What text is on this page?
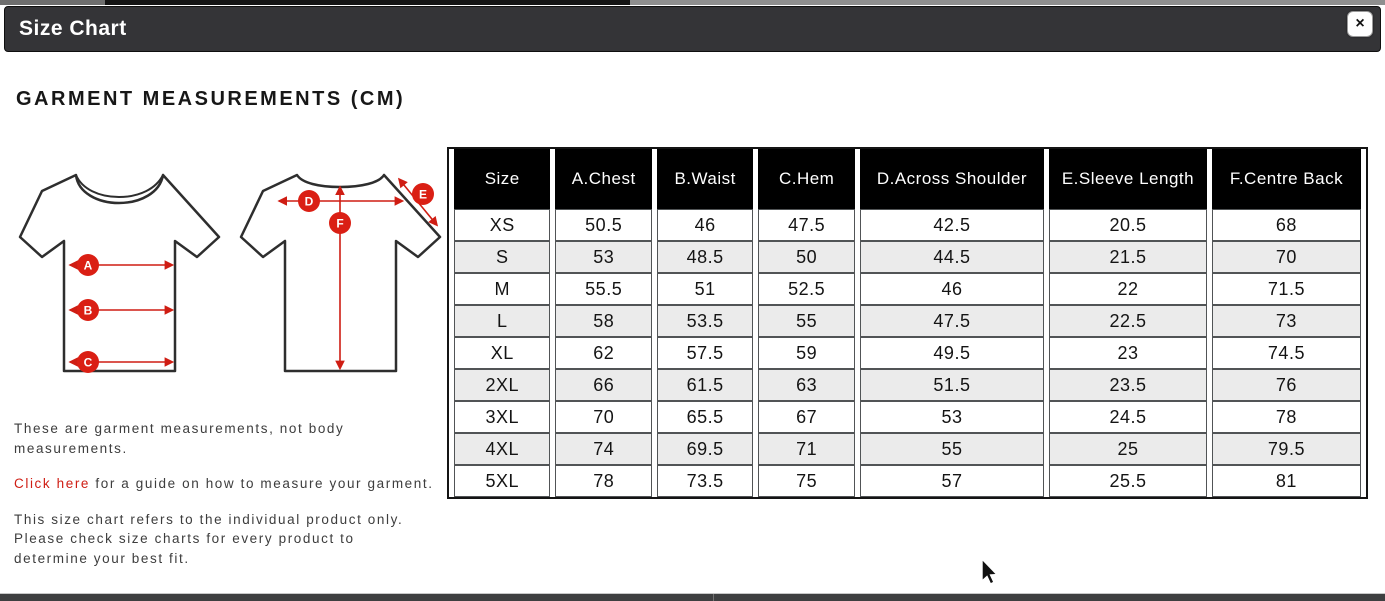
Size Chart	×
GARMENT MEASUREMENTS (CM)
A
B
C
D
F
E

These are garment measurements, not body measurements.

Click here for a guide on how to measure your garment.

This size chart refers to the individual product only. Please check size charts for every product to determine your best fit.

Size	A.Chest	B.Waist	C.Hem	D.Across Shoulder	E.Sleeve Length	F.Centre Back
XS	50.5	46	47.5	42.5	20.5	68
S	53	48.5	50	44.5	21.5	70
M	55.5	51	52.5	46	22	71.5
L	58	53.5	55	47.5	22.5	73
XL	62	57.5	59	49.5	23	74.5
2XL	66	61.5	63	51.5	23.5	76
3XL	70	65.5	67	53	24.5	78
4XL	74	69.5	71	55	25	79.5
5XL	78	73.5	75	57	25.5	81
